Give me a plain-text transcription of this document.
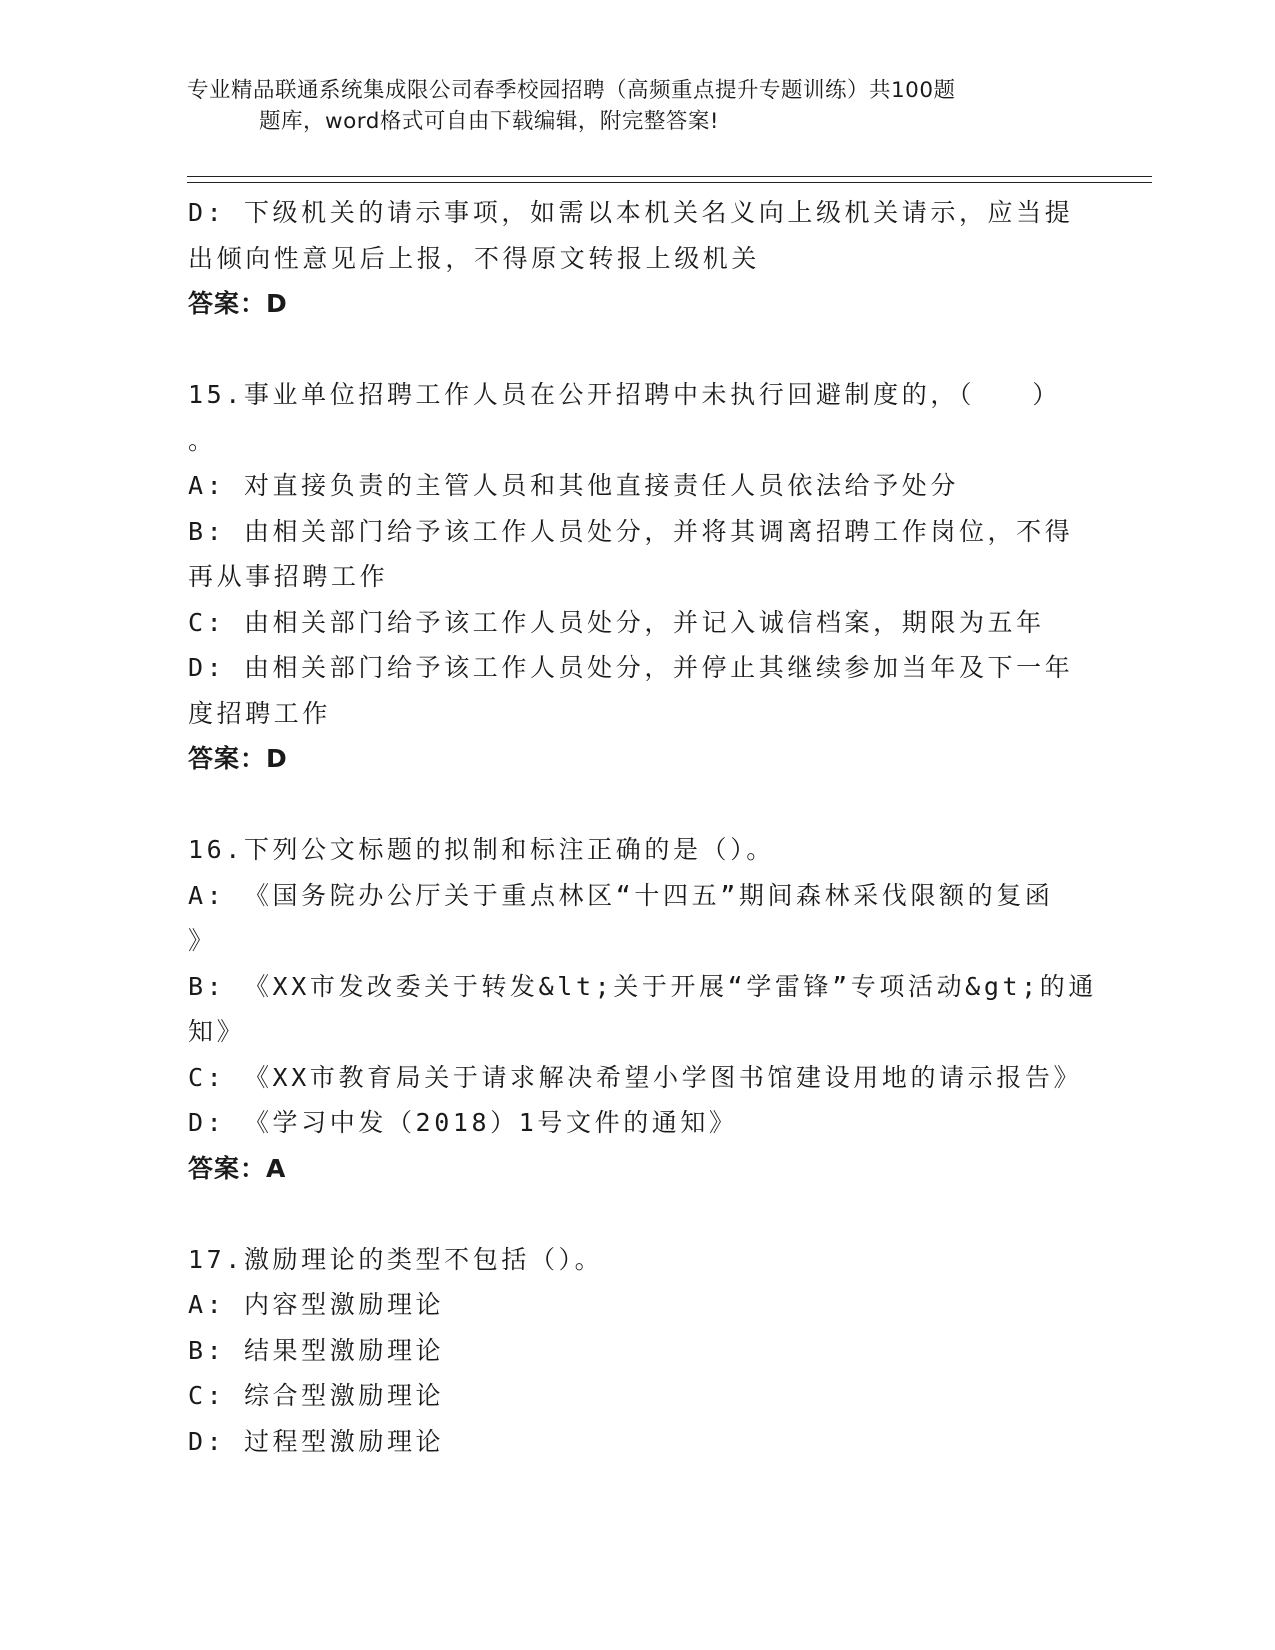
专业精品联通系统集成限公司春季校园招聘（高频重点提升专题训练）共100题
题库，word格式可自由下载编辑，附完整答案!
D: 下级机关的请示事项，如需以本机关名义向上级机关请示，应当提
出倾向性意见后上报，不得原文转报上级机关
答案：D
15.事业单位招聘工作人员在公开招聘中未执行回避制度的，（　　）
。
A: 对直接负责的主管人员和其他直接责任人员依法给予处分
B: 由相关部门给予该工作人员处分，并将其调离招聘工作岗位，不得
再从事招聘工作
C: 由相关部门给予该工作人员处分，并记入诚信档案，期限为五年
D: 由相关部门给予该工作人员处分，并停止其继续参加当年及下一年
度招聘工作
答案：D
16.下列公文标题的拟制和标注正确的是（）。
A: 《国务院办公厅关于重点林区“十四五”期间森林采伐限额的复函
》
B: 《XX市发改委关于转发&lt;关于开展“学雷锋”专项活动&gt;的通
知》
C: 《XX市教育局关于请求解决希望小学图书馆建设用地的请示报告》
D: 《学习中发（2018）1号文件的通知》
答案：A
17.激励理论的类型不包括（）。
A: 内容型激励理论
B: 结果型激励理论
C: 综合型激励理论
D: 过程型激励理论
